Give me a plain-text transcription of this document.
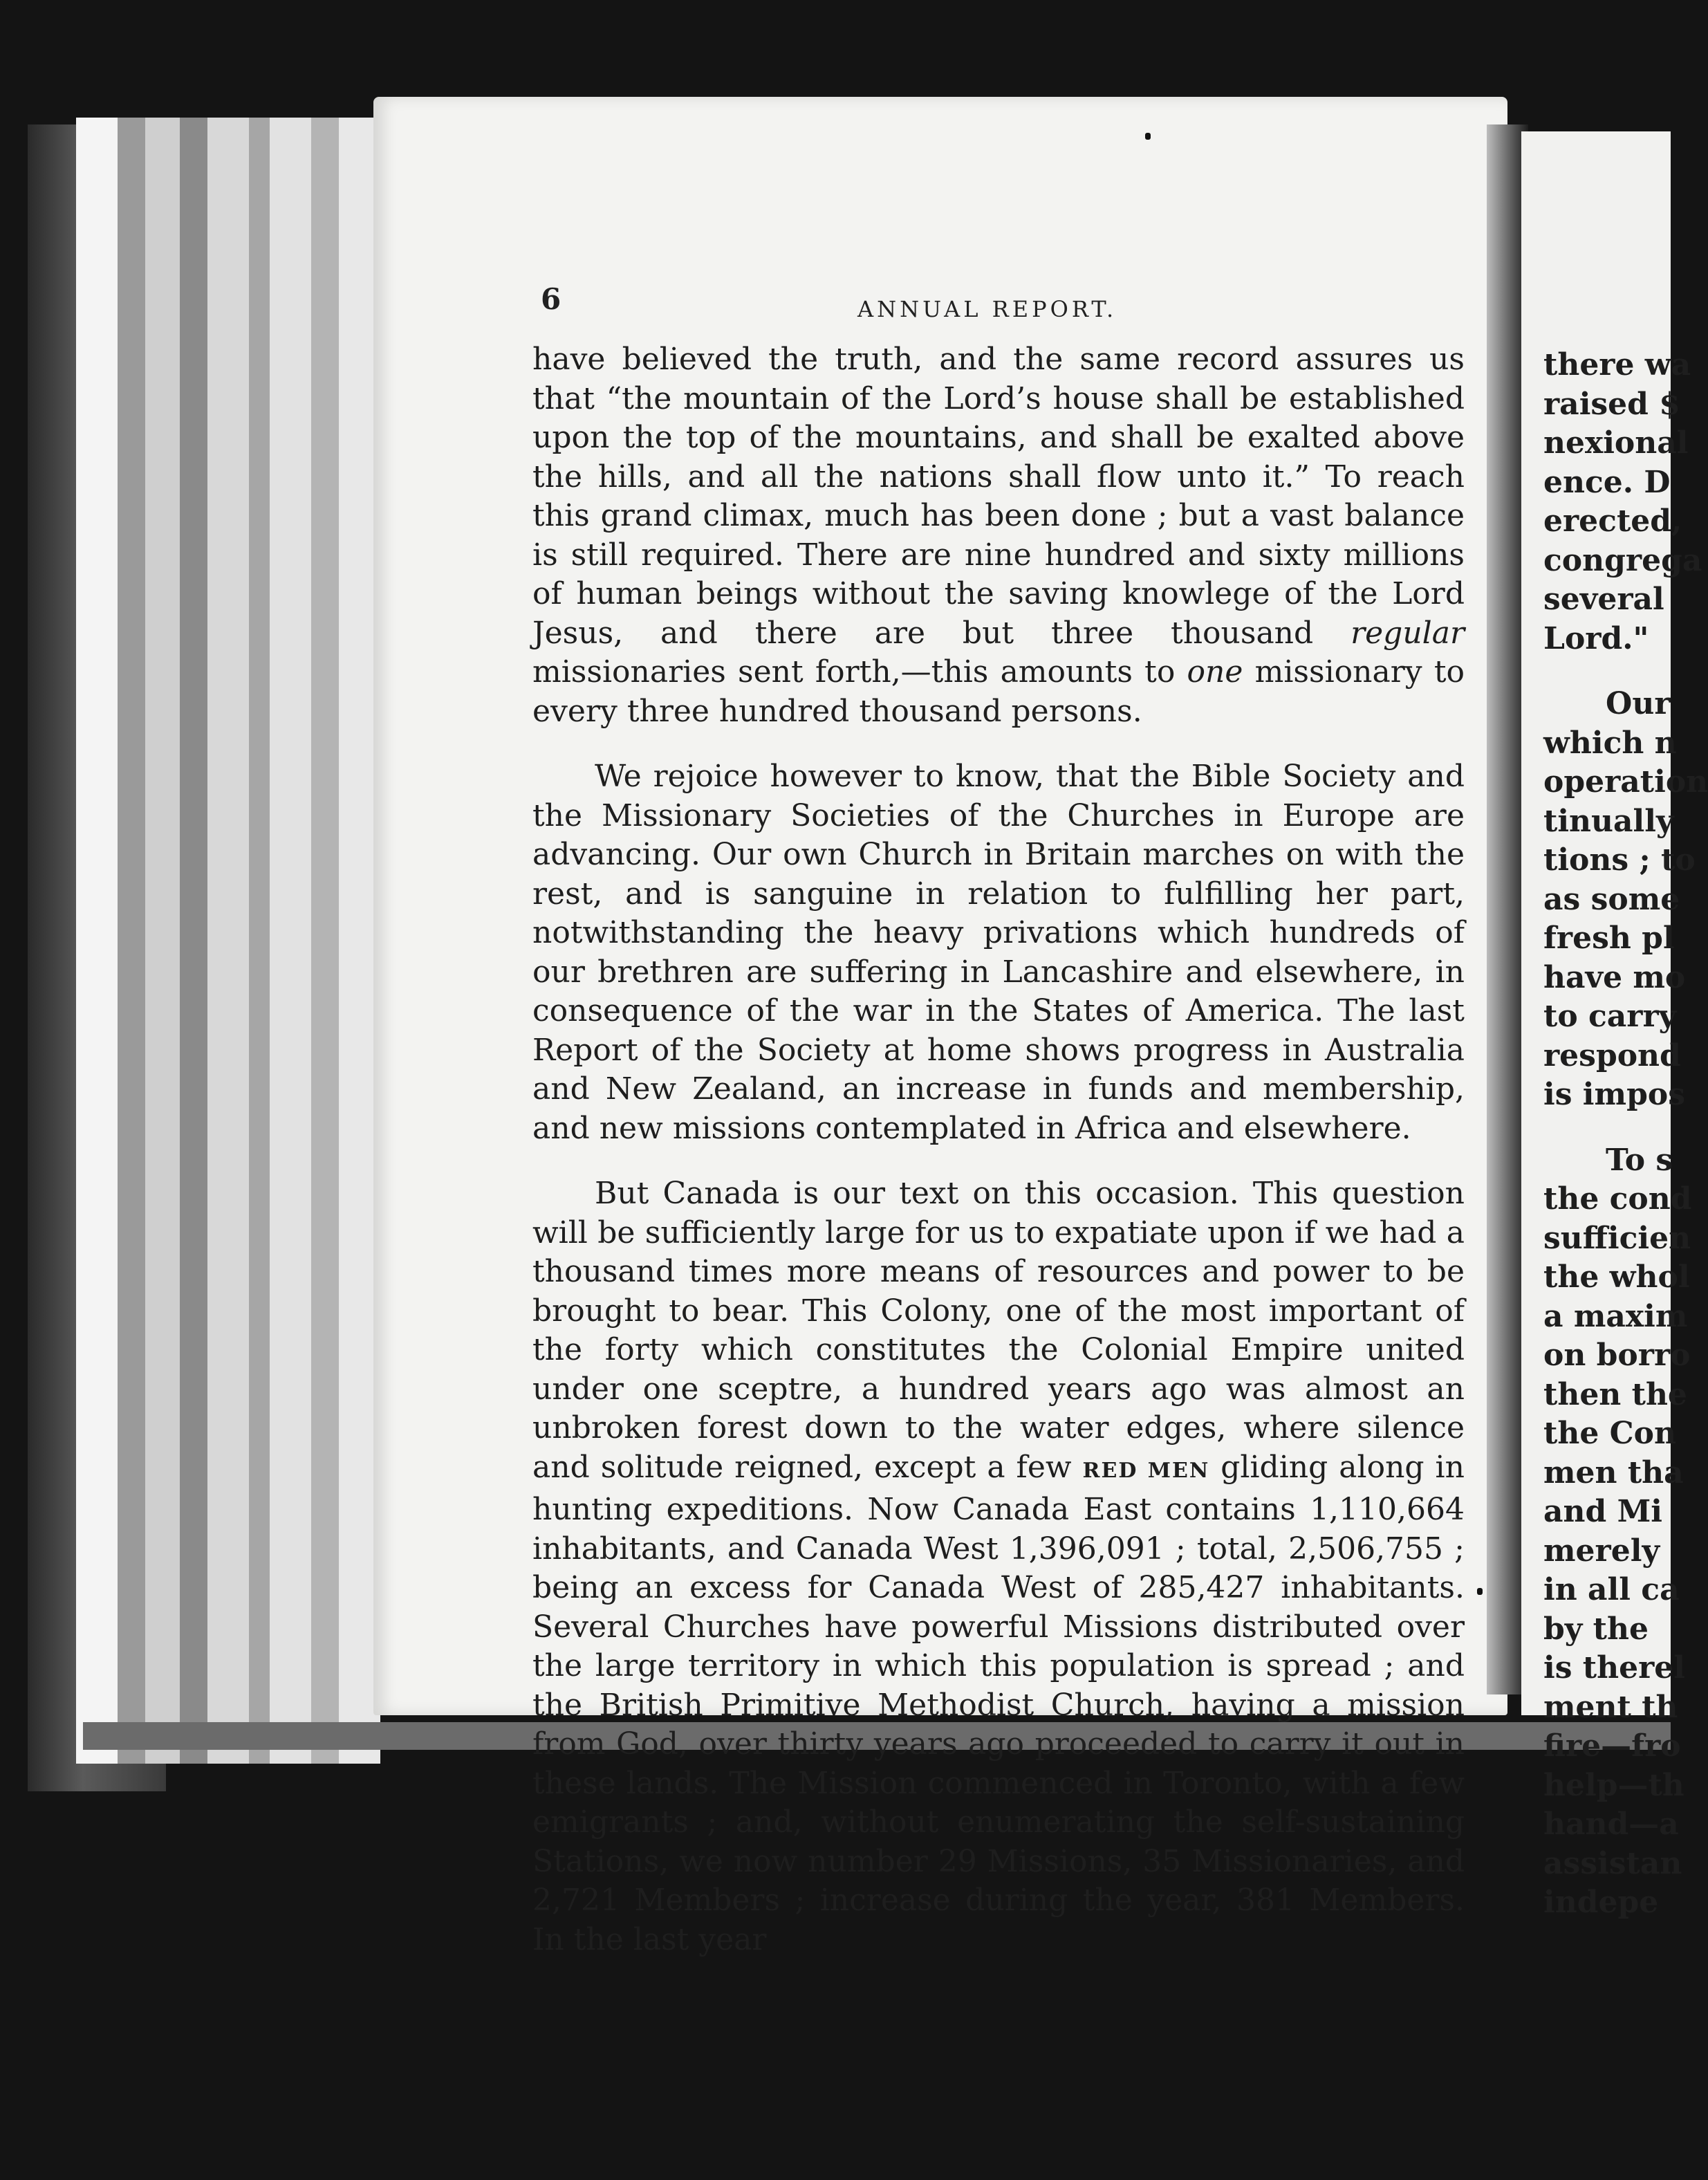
6	ANNUAL REPORT.

have believed the truth, and the same record assures us that “the mountain of the Lord’s house shall be established upon the top of the mountains, and shall be exalted above the hills, and all the nations shall flow unto it.” To reach this grand climax, much has been done ; but a vast balance is still required. There are nine hundred and sixty millions of human beings without the saving knowlege of the Lord Jesus, and there are but three thousand regular missionaries sent forth,—this amounts to one missionary to every three hundred thousand persons.

We rejoice however to know, that the Bible Society and the Missionary Societies of the Churches in Europe are advancing. Our own Church in Britain marches on with the rest, and is sanguine in relation to fulfilling her part, notwithstanding the heavy privations which hundreds of our brethren are suffering in Lancashire and elsewhere, in consequence of the war in the States of America. The last Report of the Society at home shows progress in Australia and New Zealand, an increase in funds and membership, and new missions contemplated in Africa and elsewhere.

But Canada is our text on this occasion. This question will be sufficiently large for us to expatiate upon if we had a thousand times more means of resources and power to be brought to bear. This Colony, one of the most important of the forty which constitutes the Colonial Empire united under one sceptre, a hundred years ago was almost an unbroken forest down to the water edges, where silence and solitude reigned, except a few RED MEN gliding along in hunting expeditions. Now Canada East contains 1,110,664 inhabitants, and Canada West 1,396,091 ; total, 2,506,755 ; being an excess for Canada West of 285,427 inhabitants. Several Churches have powerful Missions distributed over the large territory in which this population is spread ; and the British Primitive Methodist Church, having a mission from God, over thirty years ago proceeded to carry it out in these lands. The Mission commenced in Toronto, with a few emigrants ; and, without enumerating the self-sustaining Stations, we now number 29 Missions, 35 Missionaries, and 2,721 Members ; increase during the year, 381 Members. In the last year

there wa
raised $
nexional
ence. D
erected,
congrega
several
Lord."
Our
which n
operation
tinually
tions ; to
as some
fresh pl
have mo
to carry
respond
is impos
To s
the cond
sufficien
the whol
a maxim
on borro
then the
the Con
men tha
and Mi
merely
in all ca
by the
is therel
ment th
fire—fro
help—th
hand—a
assistan
indepe
